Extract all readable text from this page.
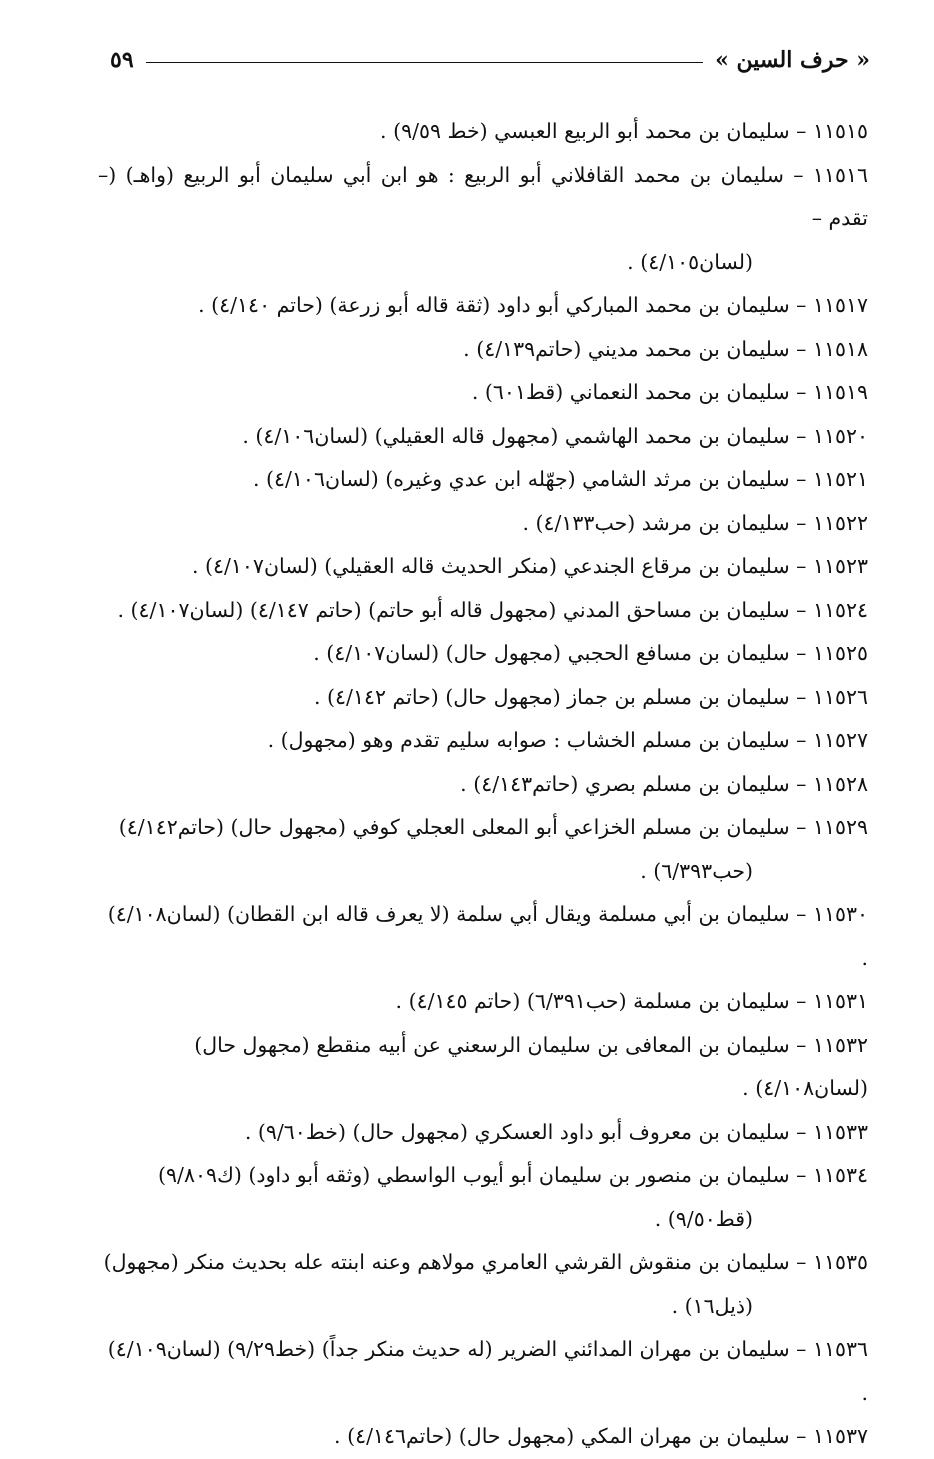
« حرف السين »
٥٩
١١٥١٥ – سليمان بن محمد أبو الربيع العبسي (خط ٩/٥٩) .
١١٥١٦ – سليمان بن محمد القافلاني أبو الربيع : هو ابن أبي سليمان أبو الربيع (واهـ) (– تقدم –
(لسان٤/١٠٥) .
١١٥١٧ – سليمان بن محمد المباركي أبو داود (ثقة قاله أبو زرعة) (حاتم ٤/١٤٠) .
١١٥١٨ – سليمان بن محمد مديني (حاتم٤/١٣٩) .
١١٥١٩ – سليمان بن محمد النعماني (قط٦٠١) .
١١٥٢٠ – سليمان بن محمد الهاشمي (مجهول قاله العقيلي) (لسان٤/١٠٦) .
١١٥٢١ – سليمان بن مرثد الشامي (جهّله ابن عدي وغيره) (لسان٤/١٠٦) .
١١٥٢٢ – سليمان بن مرشد (حب٤/١٣٣) .
١١٥٢٣ – سليمان بن مرقاع الجندعي (منكر الحديث قاله العقيلي) (لسان٤/١٠٧) .
١١٥٢٤ – سليمان بن مساحق المدني (مجهول قاله أبو حاتم) (حاتم ٤/١٤٧) (لسان٤/١٠٧) .
١١٥٢٥ – سليمان بن مسافع الحجبي (مجهول حال) (لسان٤/١٠٧) .
١١٥٢٦ – سليمان بن مسلم بن جماز (مجهول حال) (حاتم ٤/١٤٢) .
١١٥٢٧ – سليمان بن مسلم الخشاب : صوابه سليم تقدم وهو (مجهول) .
١١٥٢٨ – سليمان بن مسلم بصري (حاتم٤/١٤٣) .
١١٥٢٩ – سليمان بن مسلم الخزاعي أبو المعلى العجلي كوفي (مجهول حال) (حاتم٤/١٤٢)
(حب٦/٣٩٣) .
١١٥٣٠ – سليمان بن أبي مسلمة ويقال أبي سلمة (لا يعرف قاله ابن القطان) (لسان٤/١٠٨) .
١١٥٣١ – سليمان بن مسلمة (حب٦/٣٩١) (حاتم ٤/١٤٥) .
١١٥٣٢ – سليمان بن المعافى بن سليمان الرسعني عن أبيه منقطع (مجهول حال) (لسان٤/١٠٨) .
١١٥٣٣ – سليمان بن معروف أبو داود العسكري (مجهول حال) (خط٩/٦٠) .
١١٥٣٤ – سليمان بن منصور بن سليمان أبو أيوب الواسطي (وثقه أبو داود) (ك٩/٨٠٩)
(قط٩/٥٠) .
١١٥٣٥ – سليمان بن منقوش القرشي العامري مولاهم وعنه ابنته عله بحديث منكر (مجهول)
(ذيل١٦) .
١١٥٣٦ – سليمان بن مهران المدائني الضرير (له حديث منكر جداً) (خط٩/٢٩) (لسان٤/١٠٩) .
١١٥٣٧ – سليمان بن مهران المكي (مجهول حال) (حاتم٤/١٤٦) .
